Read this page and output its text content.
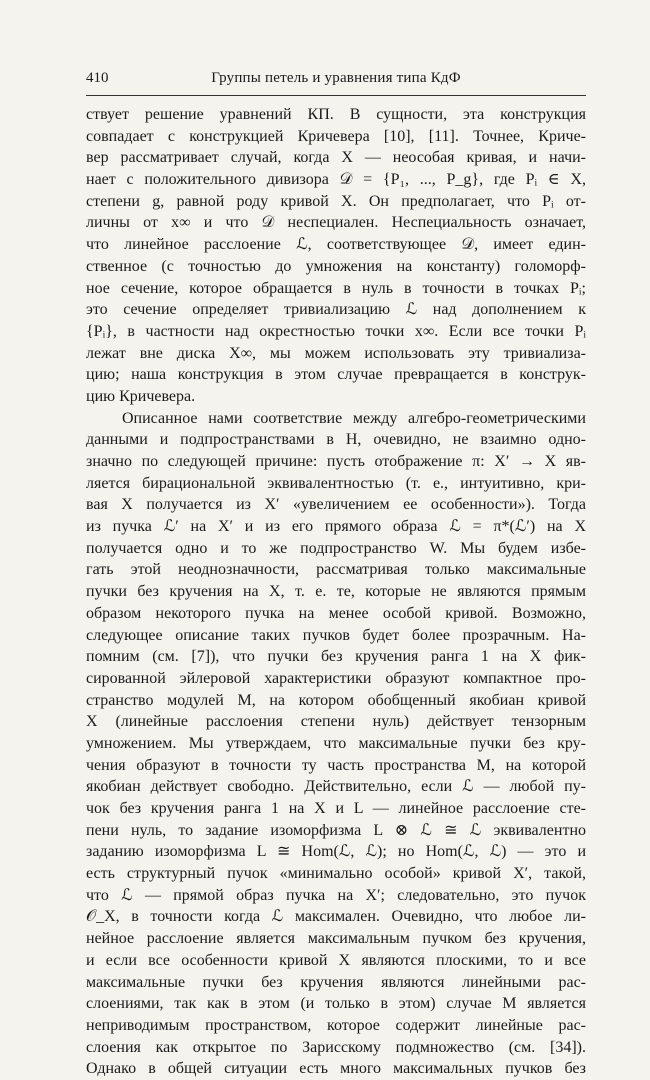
410	Группы петель и уравнения типа КдФ
ствует решение уравнений КП. В сущности, эта конструкция
совпадает с конструкцией Кричевера [10], [11]. Точнее, Кричe-
вер рассматривает случай, когда X — неособая кривая, и начи-
нает с положительного дивизора 𝒟 = {P₁, ..., P_g}, где Pᵢ ∈ X,
степени g, равной роду кривой X. Он предполагает, что Pᵢ от-
личны от x∞ и что 𝒟 неспециален. Неспециальность означает,
что линейное расслоение ℒ, соответствующее 𝒟, имеет един-
ственное (с точностью до умножения на константу) голоморф-
ное сечение, которое обращается в нуль в точности в точках Pᵢ;
это сечение определяет тривиализацию ℒ над дополнением к
{Pᵢ}, в частности над окрестностью точки x∞. Если все точки Pᵢ
лежат вне диска X∞, мы можем использовать эту тривиализа-
цию; наша конструкция в этом случае превращается в конструк-
цию Кричевера.
Описанное нами соответствие между алгебро-геометрическими
данными и подпространствами в H, очевидно, не взаимно одно-
значно по следующей причине: пусть отображение π: X′ → X яв-
ляется бирациональной эквивалентностью (т. е., интуитивно, кри-
вая X получается из X′ «увеличением ее особенности»). Тогда
из пучка ℒ′ на X′ и из его прямого образа ℒ = π*(ℒ′) на X
получается одно и то же подпространство W. Мы будем избе-
гать этой неоднозначности, рассматривая только максимальные
пучки без кручения на X, т. е. те, которые не являются прямым
образом некоторого пучка на менее особой кривой. Возможно,
следующее описание таких пучков будет более прозрачным. На-
помним (см. [7]), что пучки без кручения ранга 1 на X фик-
сированной эйлеровой характеристики образуют компактное про-
странство модулей M, на котором обобщенный якобиан кривой
X (линейные расслоения степени нуль) действует тензорным
умножением. Мы утверждаем, что максимальные пучки без кру-
чения образуют в точности ту часть пространства M, на которой
якобиан действует свободно. Действительно, если ℒ — любой пу-
чок без кручения ранга 1 на X и L — линейное расслоение сте-
пени нуль, то задание изоморфизма L ⊗ ℒ ≅ ℒ эквивалентно
заданию изоморфизма L ≅ Hom(ℒ, ℒ); но Hom(ℒ, ℒ) — это и
есть структурный пучок «минимально особой» кривой X′, такой,
что ℒ — прямой образ пучка на X′; следовательно, это пучок
𝒪_X, в точности когда ℒ максимален. Очевидно, что любое ли-
нейное расслоение является максимальным пучком без кручения,
и если все особенности кривой X являются плоскими, то и все
максимальные пучки без кручения являются линейными рас-
слоениями, так как в этом (и только в этом) случае M является
неприводимым пространством, которое содержит линейные рас-
слоения как открытое по Зарисскому подмножество (см. [34]).
Однако в общей ситуации есть много максимальных пучков без
